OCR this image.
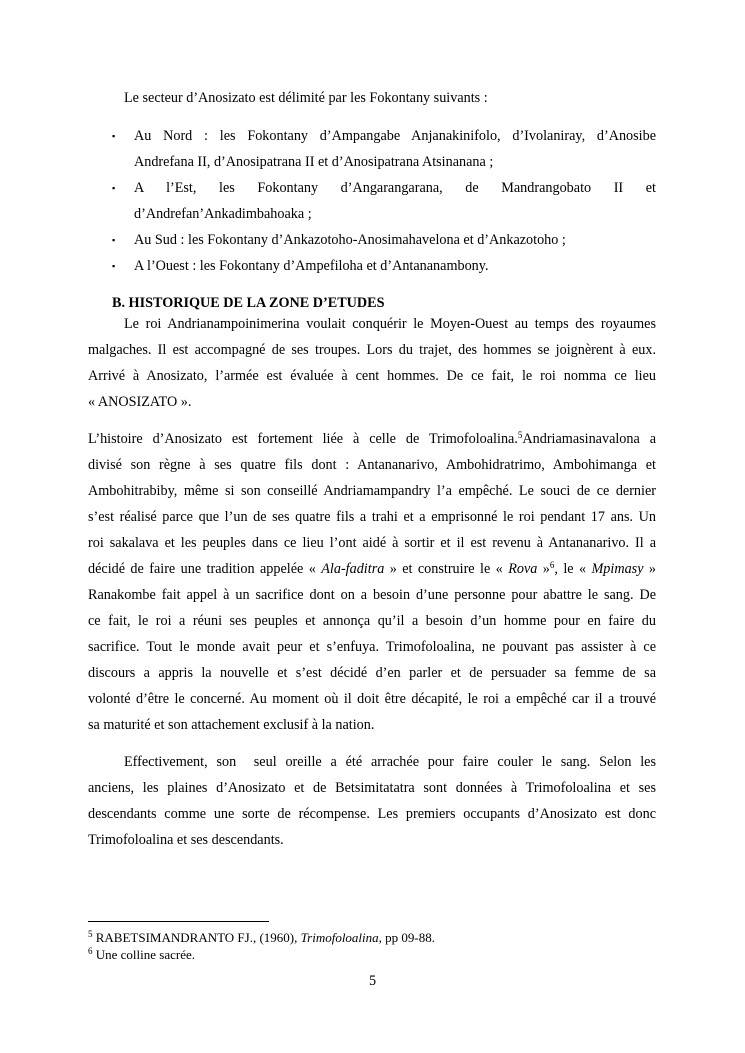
Le secteur d’Anosizato est délimité par les Fokontany suivants :
▪ Au Nord : les Fokontany d’Ampangabe Anjanakinifolo, d’Ivolaniray, d’Anosibe
Andrefana II, d’Anosipatrana II et d’Anosipatrana Atsinanana ;
▪ A l’Est, les Fokontany d’Angarangarana, de Mandrangobato II et
d’Andrefan’Ankadimbahoaka ;
▪ Au Sud : les Fokontany d’Ankazotoho-Anosimahavelona et d’Ankazotoho ;
▪ A l’Ouest : les Fokontany d’Ampefiloha et d’Antananambony.
B. HISTORIQUE DE LA ZONE D’ETUDES
Le roi Andrianampoinimerina voulait conquérir le Moyen-Ouest au temps des royaumes
malgaches. Il est accompagné de ses troupes. Lors du trajet, des hommes se joignèrent à eux.
Arrivé à Anosizato, l’armée est évaluée à cent hommes. De ce fait, le roi nomma ce lieu
« ANOSIZATO ».
L’histoire d’Anosizato est fortement liée à celle de Trimofoloalina.$^5$Andriamasinavalona a
divisé son règne à ses quatre fils dont : Antananarivo, Ambohidratrimo, Ambohimanga et
Ambohitrabiby, même si son conseillé Andriamampandry l’a empêché. Le souci de ce dernier
s’est réalisé parce que l’un de ses quatre fils a trahi et a emprisonné le roi pendant 17 ans. Un
roi sakalava et les peuples dans ce lieu l’ont aidé à sortir et il est revenu à Antananarivo. Il a
décidé de faire une tradition appelée « Ala-faditra » et construire le « Rova »$^6$, le « Mpimasy »
Ranakombe fait appel à un sacrifice dont on a besoin d’une personne pour abattre le sang. De
ce fait, le roi a réuni ses peuples et annonça qu’il a besoin d’un homme pour en faire du
sacrifice. Tout le monde avait peur et s’enfuya. Trimofoloalina, ne pouvant pas assister à ce
discours a appris la nouvelle et s’est décidé d’en parler et de persuader sa femme de sa
volonté d’être le concerné. Au moment où il doit être décapité, le roi a empêché car il a trouvé
sa maturité et son attachement exclusif à la nation.
Effectivement, son  seul oreille a été arrachée pour faire couler le sang. Selon les
anciens, les plaines d’Anosizato et de Betsimitatatra sont données à Trimofoloalina et ses
descendants comme une sorte de récompense. Les premiers occupants d’Anosizato est donc
Trimofoloalina et ses descendants.
$^5$ RABETSIMANDRANTO FJ., (1960), Trimofoloalina, pp 09-88.
$^6$ Une colline sacrée.
5
